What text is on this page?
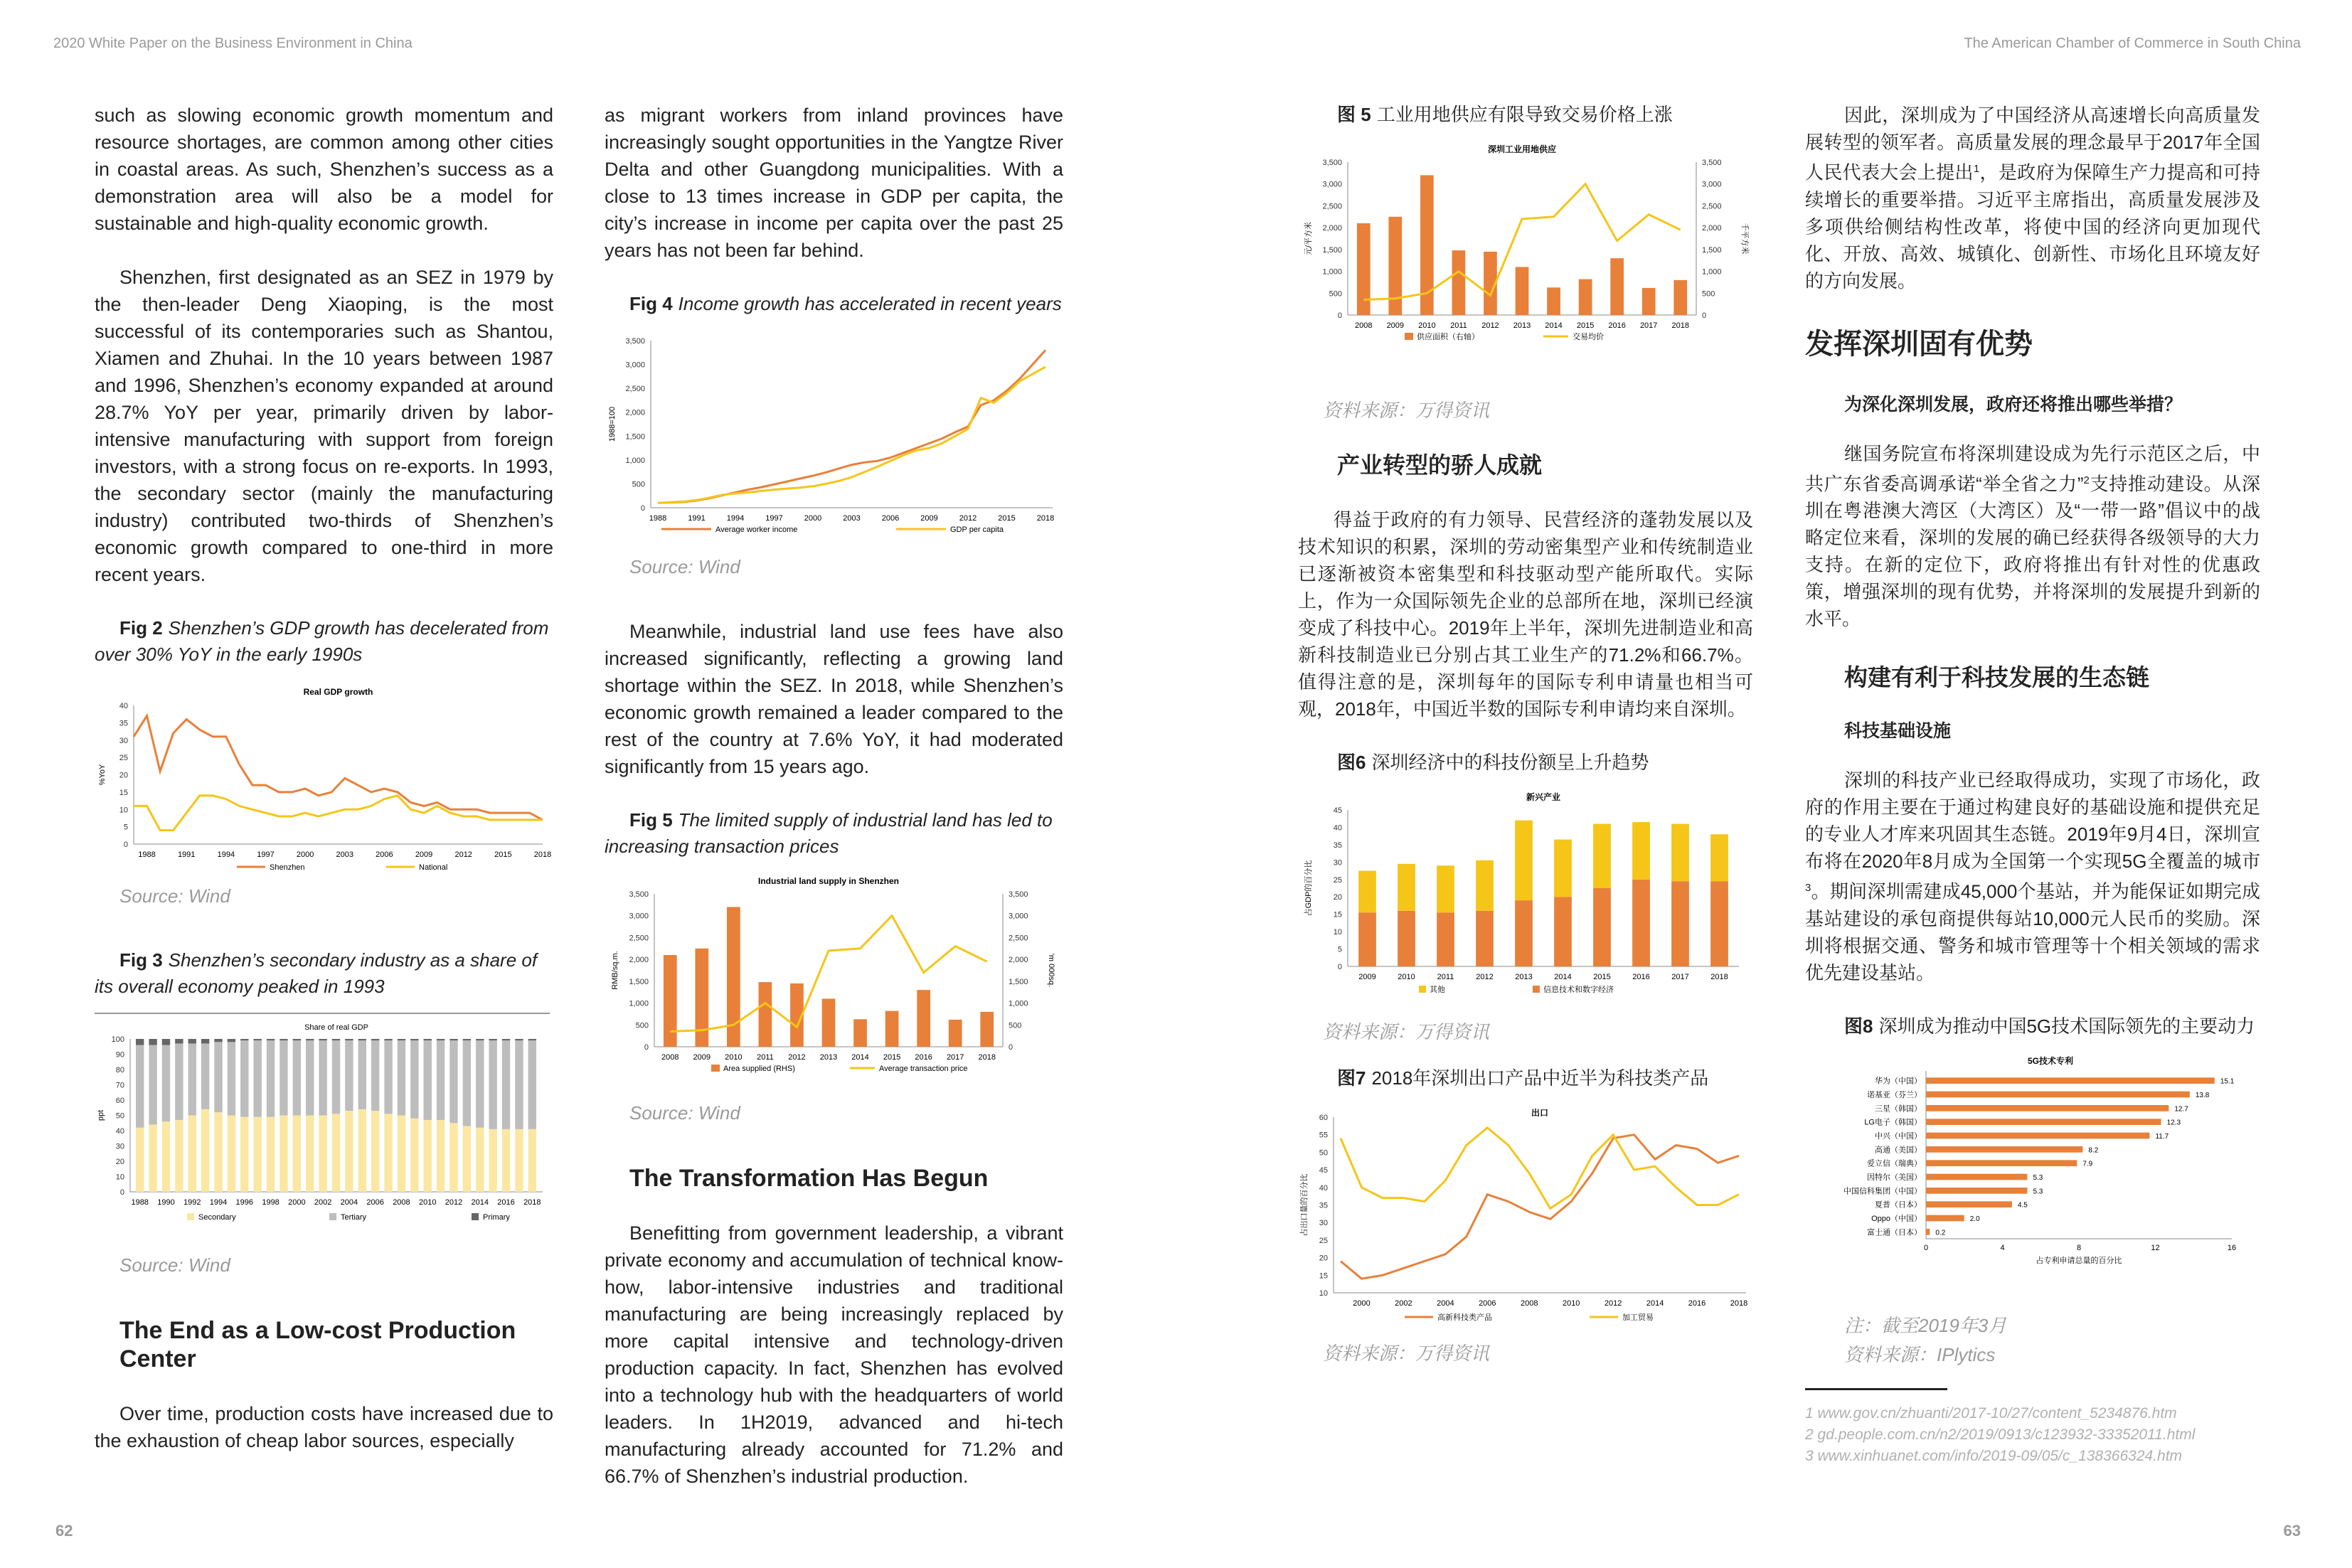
2020 White Paper on the Business Environment in China	The American Chamber of Commerce in South China

such as slowing economic growth momentum and resource shortages, are common among other cities in coastal areas. As such, Shenzhen’s success as a demonstration area will also be a model for sustainable and high-quality economic growth.

Shenzhen, first designated as an SEZ in 1979 by the then-leader Deng Xiaoping, is the most successful of its contemporaries such as Shantou, Xiamen and Zhuhai. In the 10 years between 1987 and 1996, Shenzhen’s economy expanded at around 28.7% YoY per year, primarily driven by labor-intensive manufacturing with support from foreign investors, with a strong focus on re-exports. In 1993, the secondary sector (mainly the manufacturing industry) contributed two-thirds of Shenzhen’s economic growth compared to one-third in more recent years.

Fig 2 Shenzhen’s GDP growth has decelerated from over 30% YoY in the early 1990s
Real GDP growth
%YoY
0
5
10
15
20
25
30
35
40
1988	1991	1994	1997	2000	2003	2006	2009	2012	2015	2018
Shenzhen	National
Source: Wind
Fig 3 Shenzhen’s secondary industry as a share of its overall economy peaked in 1993
Share of real GDP
ppt
0
10
20
30
40
50
60
70
80
90
100
1988 1990 1992 1994 1996 1998 2000 2002 2004 2006 2008 2010 2012 2014 2016 2018
Secondary	Tertiary	Primary
Source: Wind
The End as a Low-cost Production Center

Over time, production costs have increased due to the exhaustion of cheap labor sources, especially

as migrant workers from inland provinces have increasingly sought opportunities in the Yangtze River Delta and other Guangdong municipalities. With a close to 13 times increase in GDP per capita, the city’s increase in income per capita over the past 25 years has not been far behind.

Fig 4 Income growth has accelerated in recent years
1988=100
0
500
1,000
1,500
2,000
2,500
3,000
3,500
1988	1991	1994	1997	2000	2003	2006	2009	2012	2015	2018
Average worker income	GDP per capita
Source: Wind

Meanwhile, industrial land use fees have also increased significantly, reflecting a growing land shortage within the SEZ. In 2018, while Shenzhen’s economic growth remained a leader compared to the rest of the country at 7.6% YoY, it had moderated significantly from 15 years ago.

Fig 5 The limited supply of industrial land has led to increasing transaction prices
Industrial land supply in Shenzhen
RMB/sq.m.	'm 000sq.
0
500
1,000
1,500
2,000
2,500
3,000
3,500
0
500
1,000
1,500
2,000
2,500
3,000
3,500
2008 2009 2010 2011 2012 2013 2014 2015 2016 2017 2018
Area supplied (RHS)	Average transaction price
Source: Wind
The Transformation Has Begun

Benefitting from government leadership, a vibrant private economy and accumulation of technical know-how, labor-intensive industries and traditional manufacturing are being increasingly replaced by more capital intensive and technology-driven production capacity. In fact, Shenzhen has evolved into a technology hub with the headquarters of world leaders. In 1H2019, advanced and hi-tech manufacturing already accounted for 71.2% and 66.7% of Shenzhen’s industrial production.

图 5 工业用地供应有限导致交易价格上涨
深圳工业用地供应
元/平方米	千平方米
0
500
1,000
1,500
2,000
2,500
3,000
3,500
0
500
1,000
1,500
2,000
2,500
3,000
3,500
2008 2009 2010 2011 2012 2013 2014 2015 2016 2017 2018
供应面积（右轴）	交易均价
资料来源：万得资讯
产业转型的骄人成就

得益于政府的有力领导、民营经济的蓬勃发展以及技术知识的积累，深圳的劳动密集型产业和传统制造业已逐渐被资本密集型和科技驱动型产能所取代。实际上，作为一众国际领先企业的总部所在地，深圳已经演变成了科技中心。2019年上半年，深圳先进制造业和高新科技制造业已分别占其工业生产的71.2%和66.7%。值得注意的是，深圳每年的国际专利申请量也相当可观，2018年，中国近半数的国际专利申请均来自深圳。

图6 深圳经济中的科技份额呈上升趋势
新兴产业
占GDP的百分比
0
5
10
15
20
25
30
35
40
45
2009	2010	2011	2012	2013	2014	2015	2016	2017	2018
其他	信息技术和数字经济
资料来源：万得资讯
图7 2018年深圳出口产品中近半为科技类产品
出口
占出口量的百分比
10
15
20
25
30
35
40
45
50
55
60
2000	2002	2004	2006	2008	2010	2012	2014	2016	2018
高新科技类产品	加工贸易
资料来源：万得资讯

因此，深圳成为了中国经济从高速增长向高质量发展转型的领军者。高质量发展的理念最早于2017年全国人民代表大会上提出$^1$，是政府为保障生产力提高和可持续增长的重要举措。习近平主席指出，高质量发展涉及多项供给侧结构性改革，将使中国的经济向更加现代化、开放、高效、城镇化、创新性、市场化且环境友好的方向发展。

发挥深圳固有优势
为深化深圳发展，政府还将推出哪些举措？

继国务院宣布将深圳建设成为先行示范区之后，中共广东省委高调承诺“举全省之力”$^2$支持推动建设。从深圳在粤港澳大湾区（大湾区）及“一带一路”倡议中的战略定位来看，深圳的发展的确已经获得各级领导的大力支持。在新的定位下，政府将推出有针对性的优惠政策，增强深圳的现有优势，并将深圳的发展提升到新的水平。

构建有利于科技发展的生态链
科技基础设施

深圳的科技产业已经取得成功，实现了市场化，政府的作用主要在于通过构建良好的基础设施和提供充足的专业人才库来巩固其生态链。2019年9月4日，深圳宣布将在2020年8月成为全国第一个实现5G全覆盖的城市$^3$。期间深圳需建成45,000个基站，并为能保证如期完成基站建设的承包商提供每站10,000元人民币的奖励。深圳将根据交通、警务和城市管理等十个相关领域的需求优先建设基站。

图8 深圳成为推动中国5G技术国际领先的主要动力
5G技术专利
华为（中国）	15.1
诺基亚（芬兰）	13.8
三星（韩国）	12.7
LG电子（韩国）	12.3
中兴（中国）	11.7
高通（美国）	8.2
爱立信（瑞典）	7.9
因特尔（美国）	5.3
中国信科集团（中国）	5.3
夏普（日本）	4.5
Oppo（中国）	2.0
富士通（日本） 0.2
0	4	8	12	16
占专利申请总量的百分比
注：截至2019年3月
资料来源：IPlytics
1 www.gov.cn/zhuanti/2017-10/27/content_5234876.htm
2 gd.people.com.cn/n2/2019/0913/c123932-33352011.html
3 www.xinhuanet.com/info/2019-09/05/c_138366324.htm
62	63
